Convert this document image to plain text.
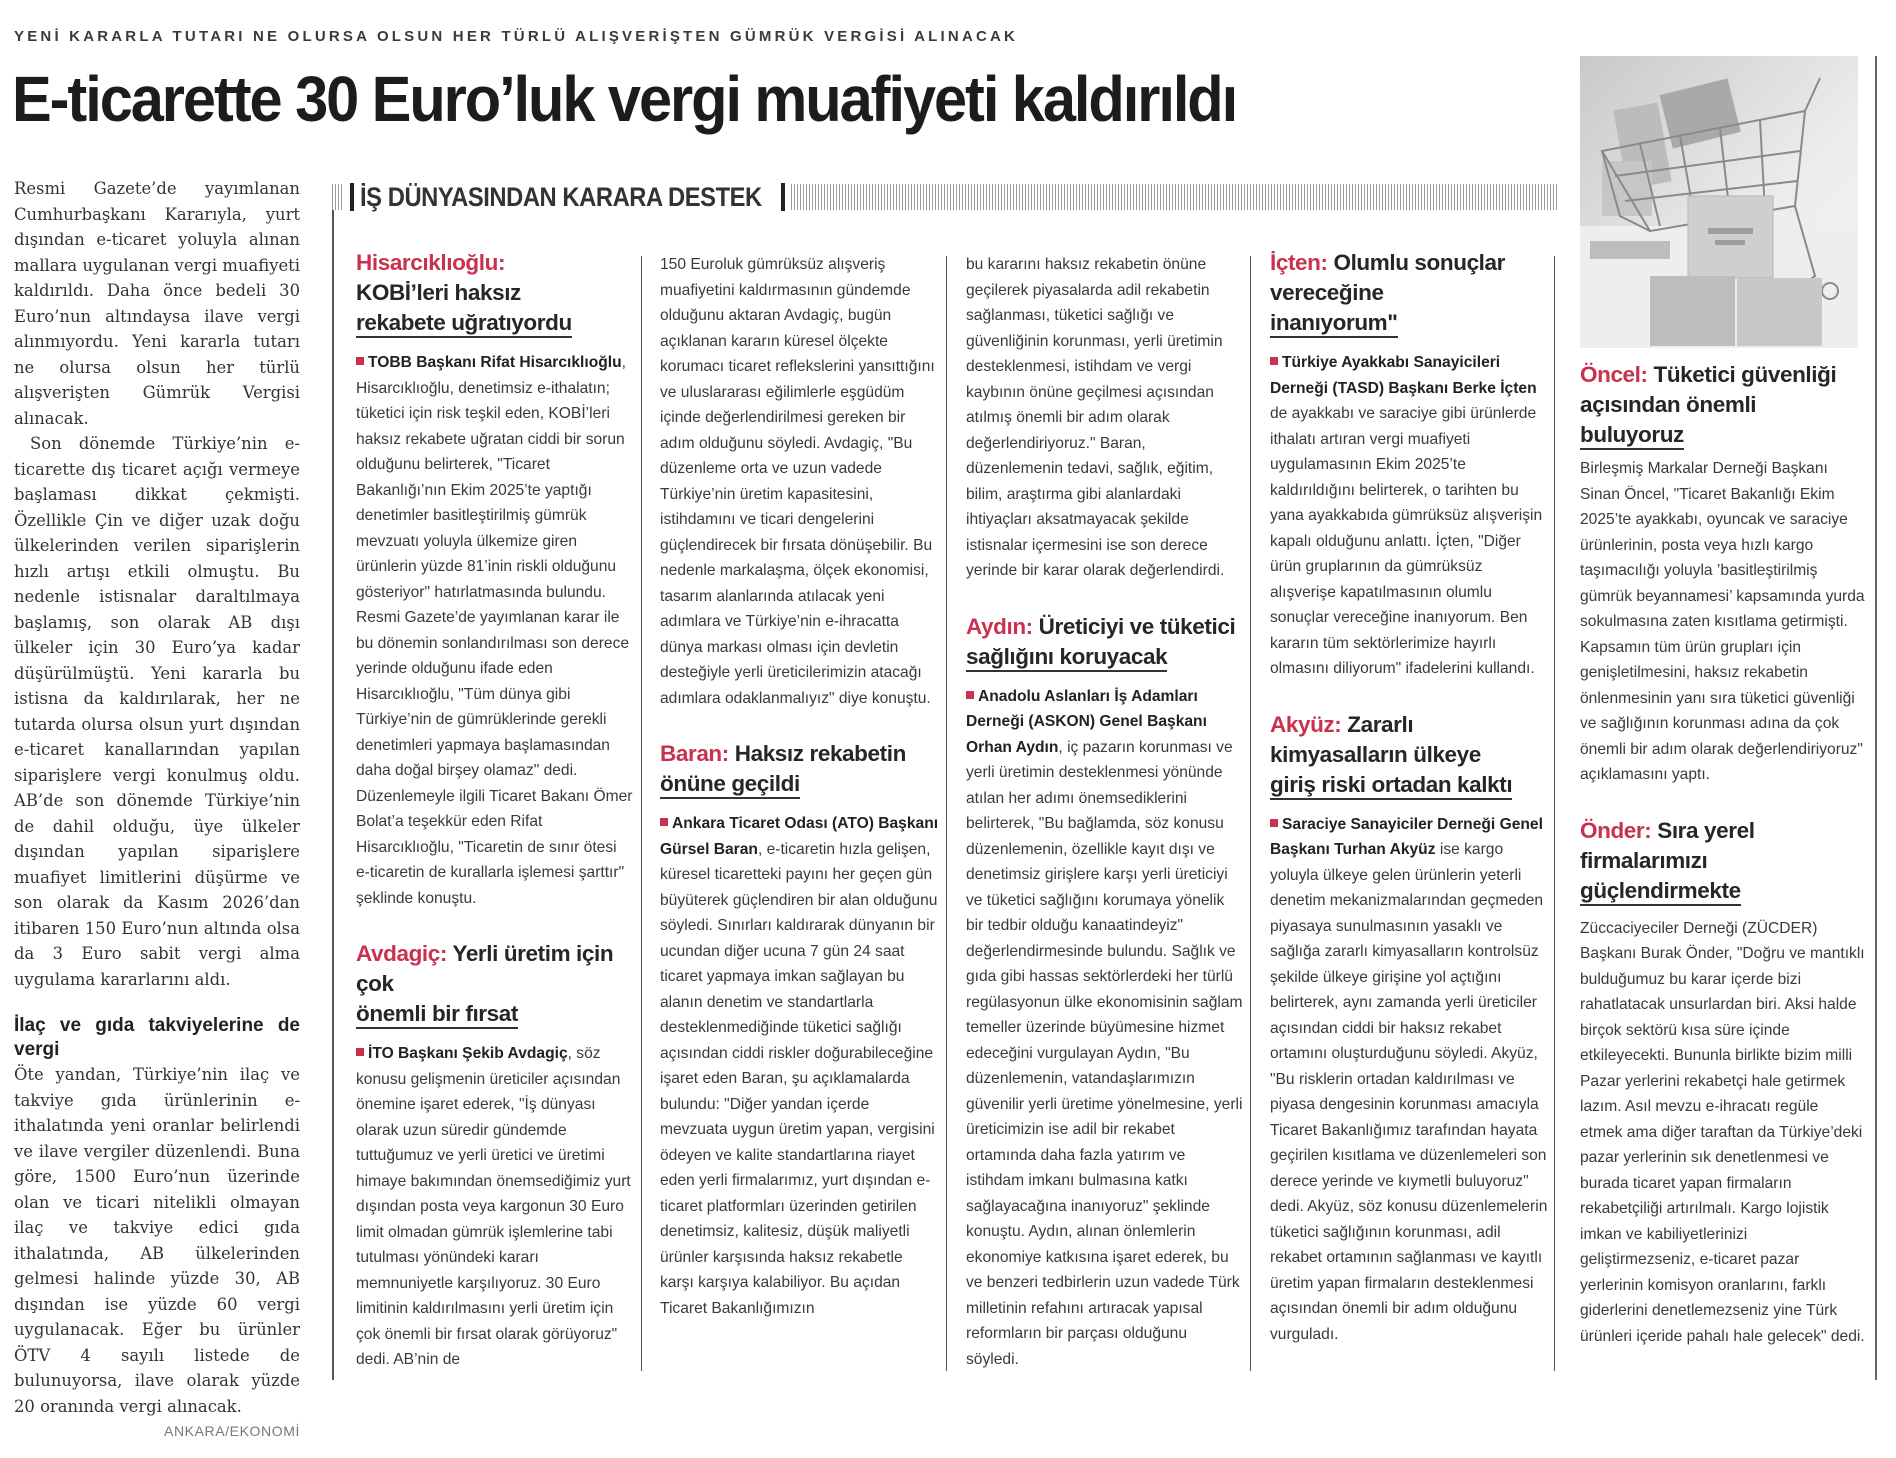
YENİ KARARLA TUTARI NE OLURSA OLSUN HER TÜRLÜ ALIŞVERİŞTEN GÜMRÜK VERGİSİ ALINACAK
E-ticarette 30 Euro’luk vergi muafiyeti kaldırıldı

Resmi Gazete’de yayımlanan Cumhurbaşkanı Kararıyla, yurt dışından e-ticaret yoluyla alınan mallara uygulanan vergi muafiyeti kaldırıldı. Daha önce bedeli 30 Euro’nun altındaysa ilave vergi alınmıyordu. Yeni kararla tutarı ne olursa olsun her türlü alışverişten Gümrük Vergisi alınacak.

Son dönemde Türkiye’nin e-ticarette dış ticaret açığı vermeye başlaması dikkat çekmişti. Özellikle Çin ve diğer uzak doğu ülkelerinden verilen siparişlerin hızlı artışı etkili olmuştu. Bu nedenle istisnalar daraltılmaya başlamış, son olarak AB dışı ülkeler için 30 Euro’ya kadar düşürülmüştü. Yeni kararla bu istisna da kaldırılarak, her ne tutarda olursa olsun yurt dışından e-ticaret kanallarından yapılan siparişlere vergi konulmuş oldu. AB’de son dönemde Türkiye’nin de dahil olduğu, üye ülkeler dışından yapılan siparişlere muafiyet limitlerini düşürme ve son olarak da Kasım 2026’dan itibaren 150 Euro’nun altında olsa da 3 Euro sabit vergi alma uygulama kararlarını aldı.

İlaç ve gıda takviyelerine de vergi

Öte yandan, Türkiye’nin ilaç ve takviye gıda ürünlerinin e-ithalatında yeni oranlar belirlendi ve ilave vergiler düzenlendi. Buna göre, 1500 Euro’nun üzerinde olan ve ticari nitelikli olmayan ilaç ve takviye edici gıda ithalatında, AB ülkelerinden gelmesi halinde yüzde 30, AB dışından ise yüzde 60 vergi uygulanacak. Eğer bu ürünler ÖTV 4 sayılı listede de bulunuyorsa, ilave olarak yüzde 20 oranında vergi alınacak.
ANKARA/EKONOMİ

İŞ DÜNYASINDAN KARARA DESTEK
Hisarcıklıoğlu:
KOBİ’leri haksız
rekabete uğratıyordu

TOBB Başkanı Rifat Hisarcıklıoğlu, Hisarcıklıoğlu, denetimsiz e-ithalatın; tüketici için risk teşkil eden, KOBİ’leri haksız rekabete uğratan ciddi bir sorun olduğunu belirterek, "Ticaret Bakanlığı’nın Ekim 2025’te yaptığı denetimler basitleştirilmiş gümrük mevzuatı yoluyla ülkemize giren ürünlerin yüzde 81’inin riskli olduğunu gösteriyor" hatırlatmasında bulundu. Resmi Gazete’de yayımlanan karar ile bu dönemin sonlandırılması son derece yerinde olduğunu ifade eden Hisarcıklıoğlu, "Tüm dünya gibi Türkiye’nin de gümrüklerinde gerekli denetimleri yapmaya başlamasından daha doğal birşey olamaz" dedi. Düzenlemeyle ilgili Ticaret Bakanı Ömer Bolat’a teşekkür eden Rifat Hisarcıklıoğlu, "Ticaretin de sınır ötesi e-ticaretin de kurallarla işlemesi şarttır" şeklinde konuştu.

Avdagiç: Yerli üretim için çok
önemli bir fırsat

İTO Başkanı Şekib Avdagiç, söz konusu gelişmenin üreticiler açısından önemine işaret ederek, "İş dünyası olarak uzun süredir gündemde tuttuğumuz ve yerli üretici ve üretimi himaye bakımından önemsediğimiz yurt dışından posta veya kargonun 30 Euro limit olmadan gümrük işlemlerine tabi tutulması yönündeki kararı memnuniyetle karşılıyoruz. 30 Euro limitinin kaldırılmasını yerli üretim için çok önemli bir fırsat olarak görüyoruz" dedi. AB’nin de

150 Euroluk gümrüksüz alışveriş muafiyetini kaldırmasının gündemde olduğunu aktaran Avdagiç, bugün açıklanan kararın küresel ölçekte korumacı ticaret reflekslerini yansıttığını ve uluslararası eğilimlerle eşgüdüm içinde değerlendirilmesi gereken bir adım olduğunu söyledi. Avdagiç, "Bu düzenleme orta ve uzun vadede Türkiye’nin üretim kapasitesini, istihdamını ve ticari dengelerini güçlendirecek bir fırsata dönüşebilir. Bu nedenle markalaşma, ölçek ekonomisi, tasarım alanlarında atılacak yeni adımlara ve Türkiye’nin e-ihracatta dünya markası olması için devletin desteğiyle yerli üreticilerimizin atacağı adımlara odaklanmalıyız" diye konuştu.

Baran: Haksız rekabetin
önüne geçildi

Ankara Ticaret Odası (ATO) Başkanı Gürsel Baran, e-ticaretin hızla gelişen, küresel ticaretteki payını her geçen gün büyüterek güçlendiren bir alan olduğunu söyledi. Sınırları kaldırarak dünyanın bir ucundan diğer ucuna 7 gün 24 saat ticaret yapmaya imkan sağlayan bu alanın denetim ve standartlarla desteklenmediğinde tüketici sağlığı açısından ciddi riskler doğurabileceğine işaret eden Baran, şu açıklamalarda bulundu: "Diğer yandan içerde mevzuata uygun üretim yapan, vergisini ödeyen ve kalite standartlarına riayet eden yerli firmalarımız, yurt dışından e-ticaret platformları üzerinden getirilen denetimsiz, kalitesiz, düşük maliyetli ürünler karşısında haksız rekabetle karşı karşıya kalabiliyor. Bu açıdan Ticaret Bakanlığımızın

bu kararını haksız rekabetin önüne geçilerek piyasalarda adil rekabetin sağlanması, tüketici sağlığı ve güvenliğinin korunması, yerli üretimin desteklenmesi, istihdam ve vergi kaybının önüne geçilmesi açısından atılmış önemli bir adım olarak değerlendiriyoruz." Baran, düzenlemenin tedavi, sağlık, eğitim, bilim, araştırma gibi alanlardaki ihtiyaçları aksatmayacak şekilde istisnalar içermesini ise son derece yerinde bir karar olarak değerlendirdi.

Aydın: Üreticiyi ve tüketici
sağlığını koruyacak

Anadolu Aslanları İş Adamları Derneği (ASKON) Genel Başkanı Orhan Aydın, iç pazarın korunması ve yerli üretimin desteklenmesi yönünde atılan her adımı önemsediklerini belirterek, "Bu bağlamda, söz konusu düzenlemenin, özellikle kayıt dışı ve denetimsiz girişlere karşı yerli üreticiyi ve tüketici sağlığını korumaya yönelik bir tedbir olduğu kanaatindeyiz" değerlendirmesinde bulundu. Sağlık ve gıda gibi hassas sektörlerdeki her türlü regülasyonun ülke ekonomisinin sağlam temeller üzerinde büyümesine hizmet edeceğini vurgulayan Aydın, "Bu düzenlemenin, vatandaşlarımızın güvenilir yerli üretime yönelmesine, yerli üreticimizin ise adil bir rekabet ortamında daha fazla yatırım ve istihdam imkanı bulmasına katkı sağlayacağına inanıyoruz" şeklinde konuştu. Aydın, alınan önlemlerin ekonomiye katkısına işaret ederek, bu ve benzeri tedbirlerin uzun vadede Türk milletinin refahını artıracak yapısal reformların bir parçası olduğunu söyledi.

İçten: Olumlu sonuçlar vereceğine
inanıyorum"

Türkiye Ayakkabı Sanayicileri Derneği (TASD) Başkanı Berke İçten de ayakkabı ve saraciye gibi ürünlerde ithalatı artıran vergi muafiyeti uygulamasının Ekim 2025’te kaldırıldığını belirterek, o tarihten bu yana ayakkabıda gümrüksüz alışverişin kapalı olduğunu anlattı. İçten, "Diğer ürün gruplarının da gümrüksüz alışverişe kapatılmasının olumlu sonuçlar vereceğine inanıyorum. Ben kararın tüm sektörlerimize hayırlı olmasını diliyorum" ifadelerini kullandı.

Akyüz: Zararlı kimyasalların ülkeye
giriş riski ortadan kalktı

Saraciye Sanayiciler Derneği Genel Başkanı Turhan Akyüz ise kargo yoluyla ülkeye gelen ürünlerin yeterli denetim mekanizmalarından geçmeden piyasaya sunulmasının yasaklı ve sağlığa zararlı kimyasalların kontrolsüz şekilde ülkeye girişine yol açtığını belirterek, aynı zamanda yerli üreticiler açısından ciddi bir haksız rekabet ortamını oluşturduğunu söyledi. Akyüz, "Bu risklerin ortadan kaldırılması ve piyasa dengesinin korunması amacıyla Ticaret Bakanlığımız tarafından hayata geçirilen kısıtlama ve düzenlemeleri son derece yerinde ve kıymetli buluyoruz" dedi. Akyüz, söz konusu düzenlemelerin tüketici sağlığının korunması, adil rekabet ortamının sağlanması ve kayıtlı üretim yapan firmaların desteklenmesi açısından önemli bir adım olduğunu vurguladı.

Öncel: Tüketici güvenliği açısından önemli
buluyoruz

Birleşmiş Markalar Derneği Başkanı Sinan Öncel, "Ticaret Bakanlığı Ekim 2025’te ayakkabı, oyuncak ve saraciye ürünlerinin, posta veya hızlı kargo taşımacılığı yoluyla ’basitleştirilmiş gümrük beyannamesi’ kapsamında yurda sokulmasına zaten kısıtlama getirmişti. Kapsamın tüm ürün grupları için genişletilmesini, haksız rekabetin önlenmesinin yanı sıra tüketici güvenliği ve sağlığının korunması adına da çok önemli bir adım olarak değerlendiriyoruz" açıklamasını yaptı.

Önder: Sıra yerel firmalarımızı
güçlendirmekte

Züccaciyeciler Derneği (ZÜCDER) Başkanı Burak Önder, "Doğru ve mantıklı bulduğumuz bu karar içerde bizi rahatlatacak unsurlardan biri. Aksi halde birçok sektörü kısa süre içinde etkileyecekti. Bununla birlikte bizim milli Pazar yerlerini rekabetçi hale getirmek lazım. Asıl mevzu e-ihracatı regüle etmek ama diğer taraftan da Türkiye’deki pazar yerlerinin sık denetlenmesi ve burada ticaret yapan firmaların rekabetçiliği artırılmalı. Kargo lojistik imkan ve kabiliyetlerinizi geliştirmezseniz, e-ticaret pazar yerlerinin komisyon oranlarını, farklı giderlerini denetlemezseniz yine Türk ürünleri içeride pahalı hale gelecek" dedi.
